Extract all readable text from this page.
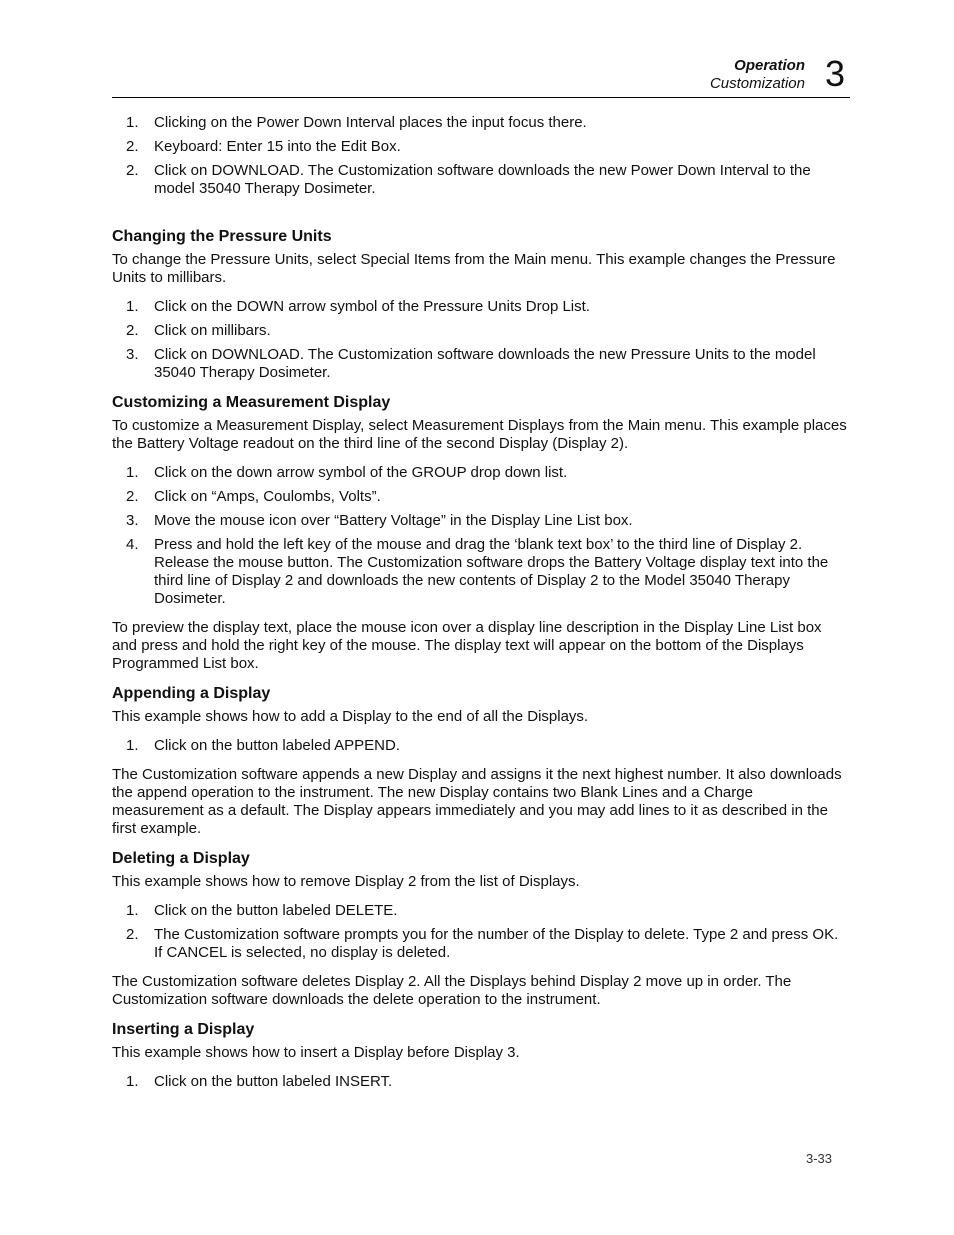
Operation
Customization 3
1. Clicking on the Power Down Interval places the input focus there.
2. Keyboard: Enter 15 into the Edit Box.
2. Click on DOWNLOAD. The Customization software downloads the new Power Down Interval to the model 35040 Therapy Dosimeter.
Changing the Pressure Units

To change the Pressure Units, select Special Items from the Main menu. This example changes the Pressure Units to millibars.

1. Click on the DOWN arrow symbol of the Pressure Units Drop List.
2. Click on millibars.
3. Click on DOWNLOAD. The Customization software downloads the new Pressure Units to the model 35040 Therapy Dosimeter.
Customizing a Measurement Display

To customize a Measurement Display, select Measurement Displays from the Main menu. This example places the Battery Voltage readout on the third line of the second Display (Display 2).

1. Click on the down arrow symbol of the GROUP drop down list.
2. Click on “Amps, Coulombs, Volts”.
3. Move the mouse icon over “Battery Voltage” in the Display Line List box.
4. Press and hold the left key of the mouse and drag the ‘blank text box’ to the third line of Display 2. Release the mouse button. The Customization software drops the Battery Voltage display text into the third line of Display 2 and downloads the new contents of Display 2 to the Model 35040 Therapy Dosimeter.

To preview the display text, place the mouse icon over a display line description in the Display Line List box and press and hold the right key of the mouse. The display text will appear on the bottom of the Displays Programmed List box.

Appending a Display

This example shows how to add a Display to the end of all the Displays.

1. Click on the button labeled APPEND.

The Customization software appends a new Display and assigns it the next highest number. It also downloads the append operation to the instrument. The new Display contains two Blank Lines and a Charge measurement as a default. The Display appears immediately and you may add lines to it as described in the first example.

Deleting a Display

This example shows how to remove Display 2 from the list of Displays.

1. Click on the button labeled DELETE.
2. The Customization software prompts you for the number of the Display to delete. Type 2 and press OK. If CANCEL is selected, no display is deleted.

The Customization software deletes Display 2. All the Displays behind Display 2 move up in order. The Customization software downloads the delete operation to the instrument.

Inserting a Display

This example shows how to insert a Display before Display 3.

1. Click on the button labeled INSERT.
3-33
